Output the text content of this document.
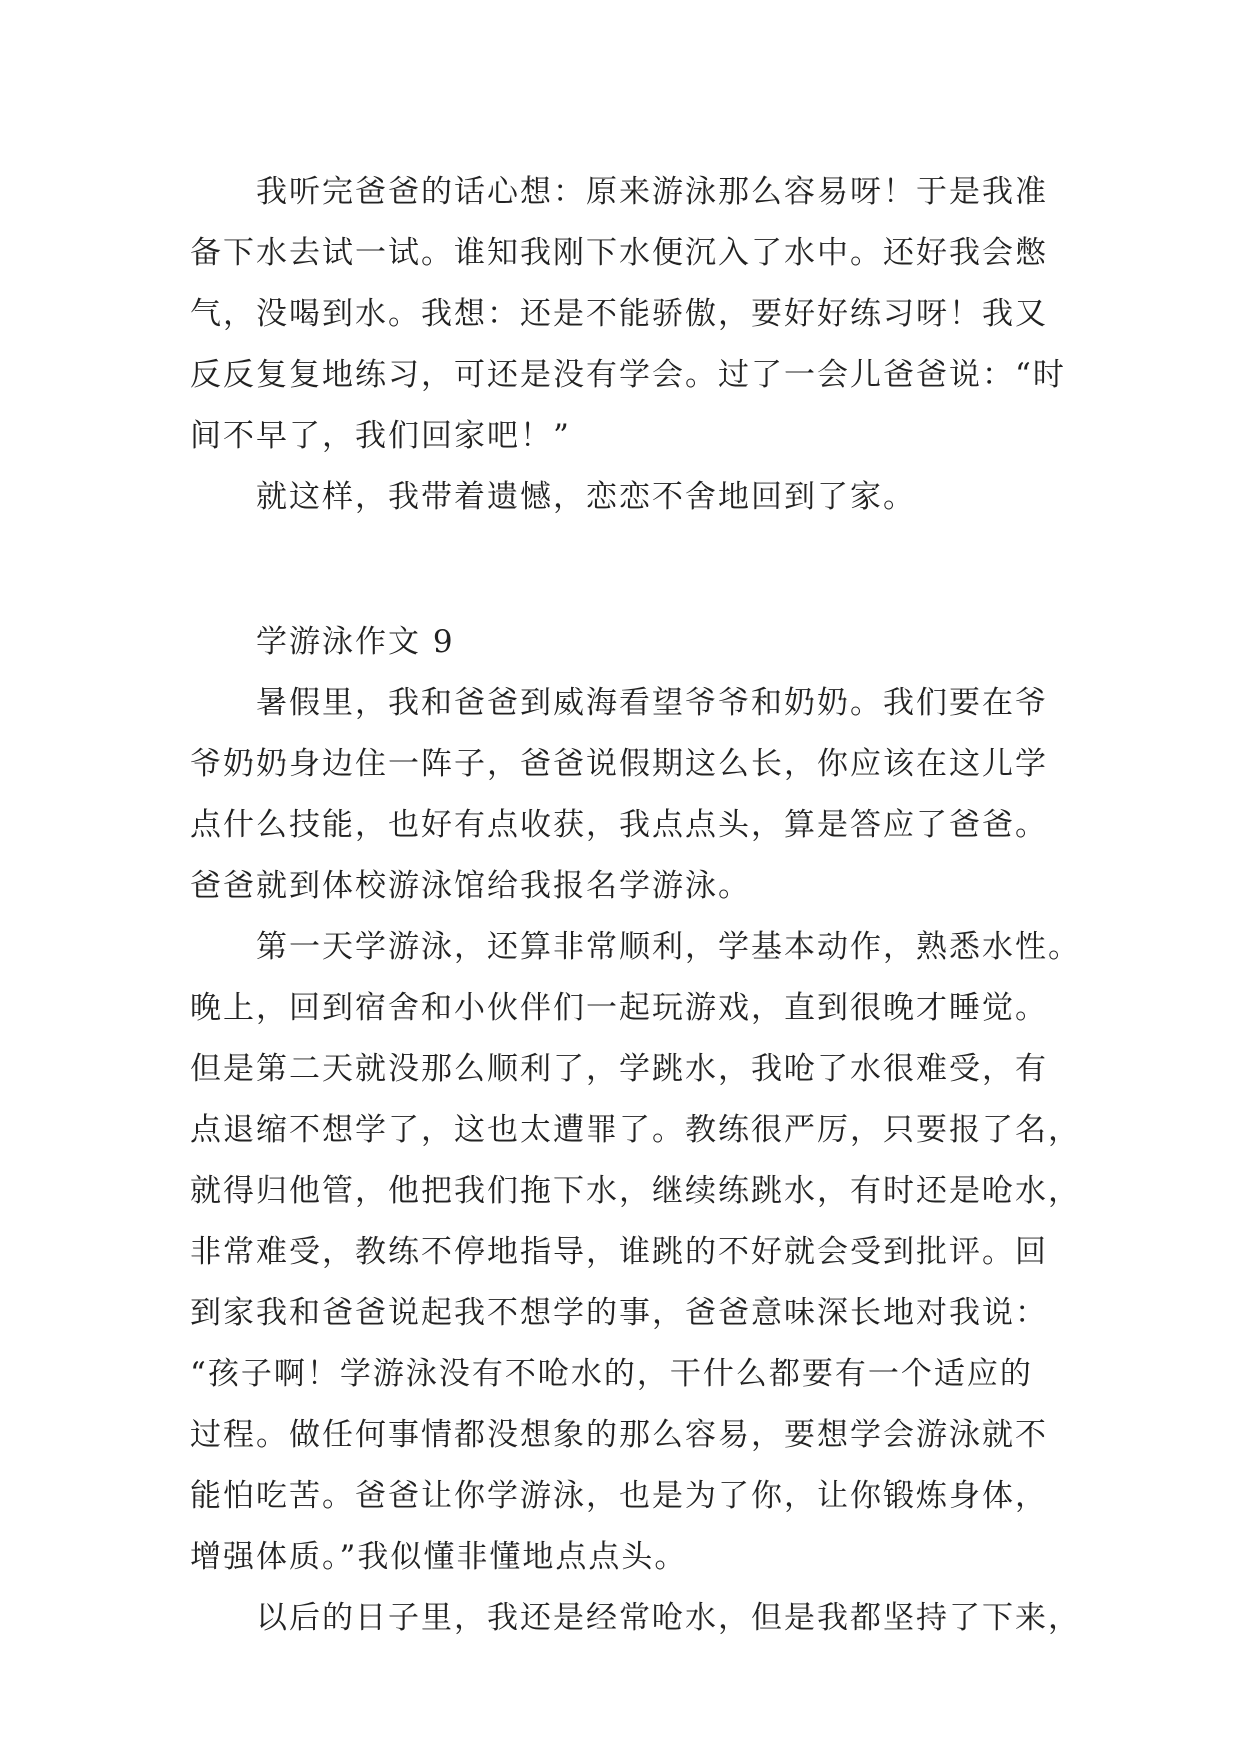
我听完爸爸的话心想：原来游泳那么容易呀！于是我准
备下水去试一试。谁知我刚下水便沉入了水中。还好我会憋
气，没喝到水。我想：还是不能骄傲，要好好练习呀！我又
反反复复地练习，可还是没有学会。过了一会儿爸爸说：“时
间不早了，我们回家吧！”

就这样，我带着遗憾，恋恋不舍地回到了家。

学游泳作文 9

暑假里，我和爸爸到威海看望爷爷和奶奶。我们要在爷
爷奶奶身边住一阵子，爸爸说假期这么长，你应该在这儿学
点什么技能，也好有点收获，我点点头，算是答应了爸爸。
爸爸就到体校游泳馆给我报名学游泳。

第一天学游泳，还算非常顺利，学基本动作，熟悉水性。
晚上，回到宿舍和小伙伴们一起玩游戏，直到很晚才睡觉。
但是第二天就没那么顺利了，学跳水，我呛了水很难受，有
点退缩不想学了，这也太遭罪了。教练很严厉，只要报了名，
就得归他管，他把我们拖下水，继续练跳水，有时还是呛水，
非常难受，教练不停地指导，谁跳的不好就会受到批评。回
到家我和爸爸说起我不想学的事，爸爸意味深长地对我说：
“孩子啊！学游泳没有不呛水的，干什么都要有一个适应的
过程。做任何事情都没想象的那么容易，要想学会游泳就不
能怕吃苦。爸爸让你学游泳，也是为了你，让你锻炼身体，
增强体质。”我似懂非懂地点点头。

以后的日子里，我还是经常呛水，但是我都坚持了下来，
